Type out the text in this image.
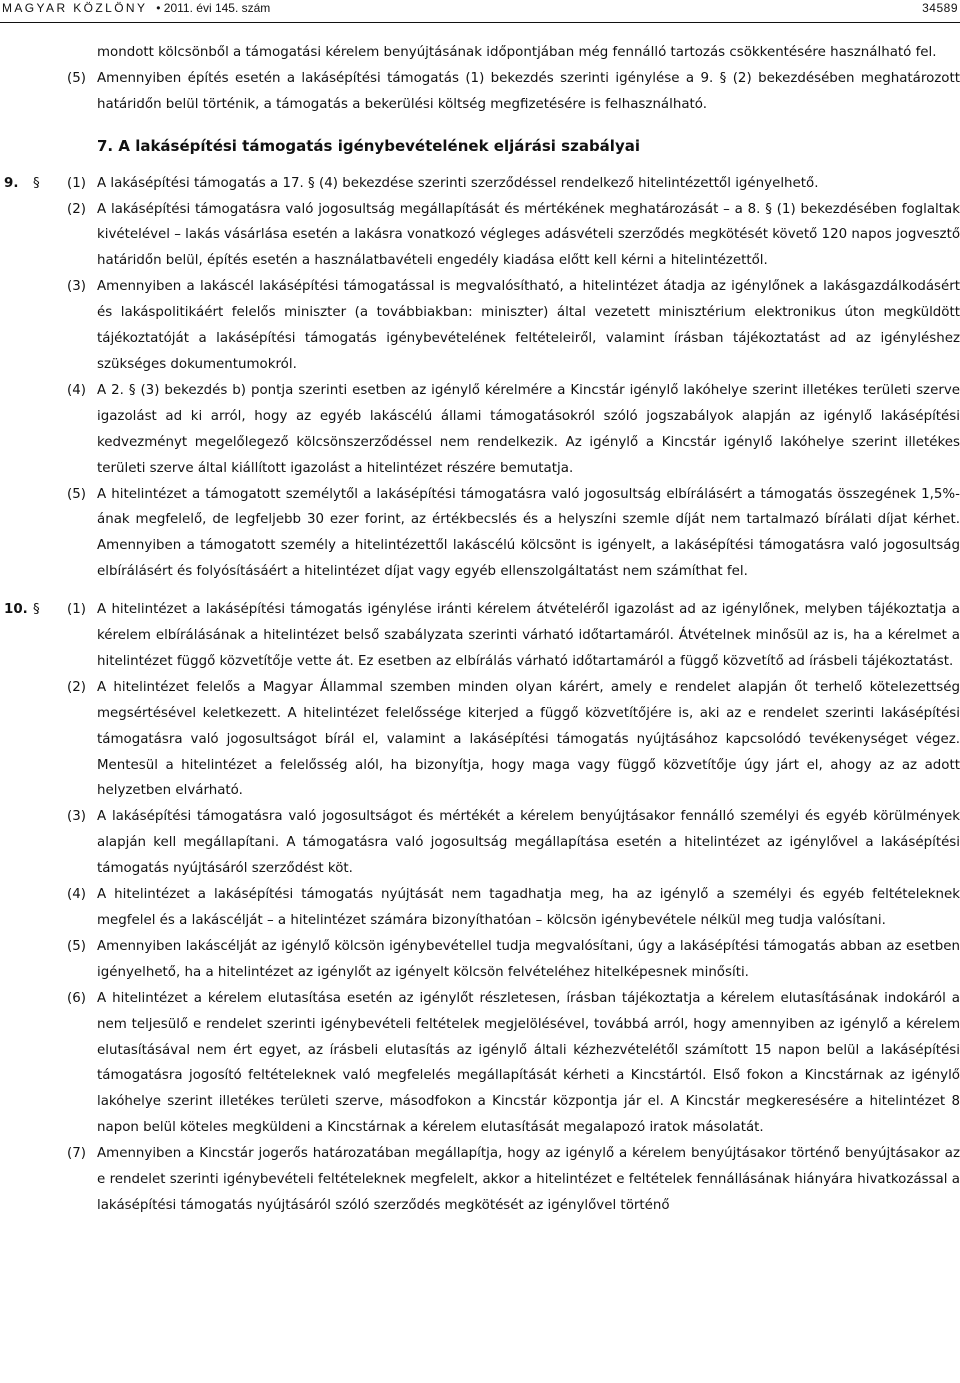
MAGYAR KÖZLÖNY  • 2011. évi 145. szám	34589

mondott kölcsönből a támogatási kérelem benyújtásának időpontjában még fennálló tartozás csökkentésére használható fel.

(5) Amennyiben építés esetén a lakásépítési támogatás (1) bekezdés szerinti igénylése a 9. § (2) bekezdésében meghatározott határidőn belül történik, a támogatás a bekerülési költség megfizetésére is felhasználható.

7. A lakásépítési támogatás igénybevételének eljárási szabályai
9. § (1) A lakásépítési támogatás a 17. § (4) bekezdése szerinti szerződéssel rendelkező hitelintézettől igényelhető.

(2) A lakásépítési támogatásra való jogosultság megállapítását és mértékének meghatározását – a 8. § (1) bekezdésében foglaltak kivételével – lakás vásárlása esetén a lakásra vonatkozó végleges adásvételi szerződés megkötését követő 120 napos jogvesztő határidőn belül, építés esetén a használatbavételi engedély kiadása előtt kell kérni a hitelintézettől.

(3) Amennyiben a lakáscél lakásépítési támogatással is megvalósítható, a hitelintézet átadja az igénylőnek a lakásgazdálkodásért és lakáspolitikáért felelős miniszter (a továbbiakban: miniszter) által vezetett minisztérium elektronikus úton megküldött tájékoztatóját a lakásépítési támogatás igénybevételének feltételeiről, valamint írásban tájékoztatást ad az igényléshez szükséges dokumentumokról.

(4) A 2. § (3) bekezdés b) pontja szerinti esetben az igénylő kérelmére a Kincstár igénylő lakóhelye szerint illetékes területi szerve igazolást ad ki arról, hogy az egyéb lakáscélú állami támogatásokról szóló jogszabályok alapján az igénylő lakásépítési kedvezményt megelőlegező kölcsönszerződéssel nem rendelkezik. Az igénylő a Kincstár igénylő lakóhelye szerint illetékes területi szerve által kiállított igazolást a hitelintézet részére bemutatja.

(5) A hitelintézet a támogatott személytől a lakásépítési támogatásra való jogosultság elbírálásért a támogatás összegének 1,5%-ának megfelelő, de legfeljebb 30 ezer forint, az értékbecslés és a helyszíni szemle díját nem tartalmazó bírálati díjat kérhet. Amennyiben a támogatott személy a hitelintézettől lakáscélú kölcsönt is igényelt, a lakásépítési támogatásra való jogosultság elbírálásért és folyósításáért a hitelintézet díjat vagy egyéb ellenszolgáltatást nem számíthat fel.

10. § (1) A hitelintézet a lakásépítési támogatás igénylése iránti kérelem átvételéről igazolást ad az igénylőnek, melyben tájékoztatja a kérelem elbírálásának a hitelintézet belső szabályzata szerinti várható időtartamáról. Átvételnek minősül az is, ha a kérelmet a hitelintézet függő közvetítője vette át. Ez esetben az elbírálás várható időtartamáról a függő közvetítő ad írásbeli tájékoztatást.

(2) A hitelintézet felelős a Magyar Állammal szemben minden olyan kárért, amely e rendelet alapján őt terhelő kötelezettség megsértésével keletkezett. A hitelintézet felelőssége kiterjed a függő közvetítőjére is, aki az e rendelet szerinti lakásépítési támogatásra való jogosultságot bírál el, valamint a lakásépítési támogatás nyújtásához kapcsolódó tevékenységet végez. Mentesül a hitelintézet a felelősség alól, ha bizonyítja, hogy maga vagy függő közvetítője úgy járt el, ahogy az az adott helyzetben elvárható.

(3) A lakásépítési támogatásra való jogosultságot és mértékét a kérelem benyújtásakor fennálló személyi és egyéb körülmények alapján kell megállapítani. A támogatásra való jogosultság megállapítása esetén a hitelintézet az igénylővel a lakásépítési támogatás nyújtásáról szerződést köt.

(4) A hitelintézet a lakásépítési támogatás nyújtását nem tagadhatja meg, ha az igénylő a személyi és egyéb feltételeknek megfelel és a lakáscélját – a hitelintézet számára bizonyíthatóan – kölcsön igénybevétele nélkül meg tudja valósítani.

(5) Amennyiben lakáscélját az igénylő kölcsön igénybevétellel tudja megvalósítani, úgy a lakásépítési támogatás abban az esetben igényelhető, ha a hitelintézet az igénylőt az igényelt kölcsön felvételéhez hitelképesnek minősíti.

(6) A hitelintézet a kérelem elutasítása esetén az igénylőt részletesen, írásban tájékoztatja a kérelem elutasításának indokáról a nem teljesülő e rendelet szerinti igénybevételi feltételek megjelölésével, továbbá arról, hogy amennyiben az igénylő a kérelem elutasításával nem ért egyet, az írásbeli elutasítás az igénylő általi kézhezvételétől számított 15 napon belül a lakásépítési támogatásra jogosító feltételeknek való megfelelés megállapítását kérheti a Kincstártól. Első fokon a Kincstárnak az igénylő lakóhelye szerint illetékes területi szerve, másodfokon a Kincstár központja jár el. A Kincstár megkeresésére a hitelintézet 8 napon belül köteles megküldeni a Kincstárnak a kérelem elutasítását megalapozó iratok másolatát.

(7) Amennyiben a Kincstár jogerős határozatában megállapítja, hogy az igénylő a kérelem benyújtásakor történő benyújtásakor az e rendelet szerinti igénybevételi feltételeknek megfelelt, akkor a hitelintézet e feltételek fennállásának hiányára hivatkozással a lakásépítési támogatás nyújtásáról szóló szerződés megkötését az igénylővel történő
